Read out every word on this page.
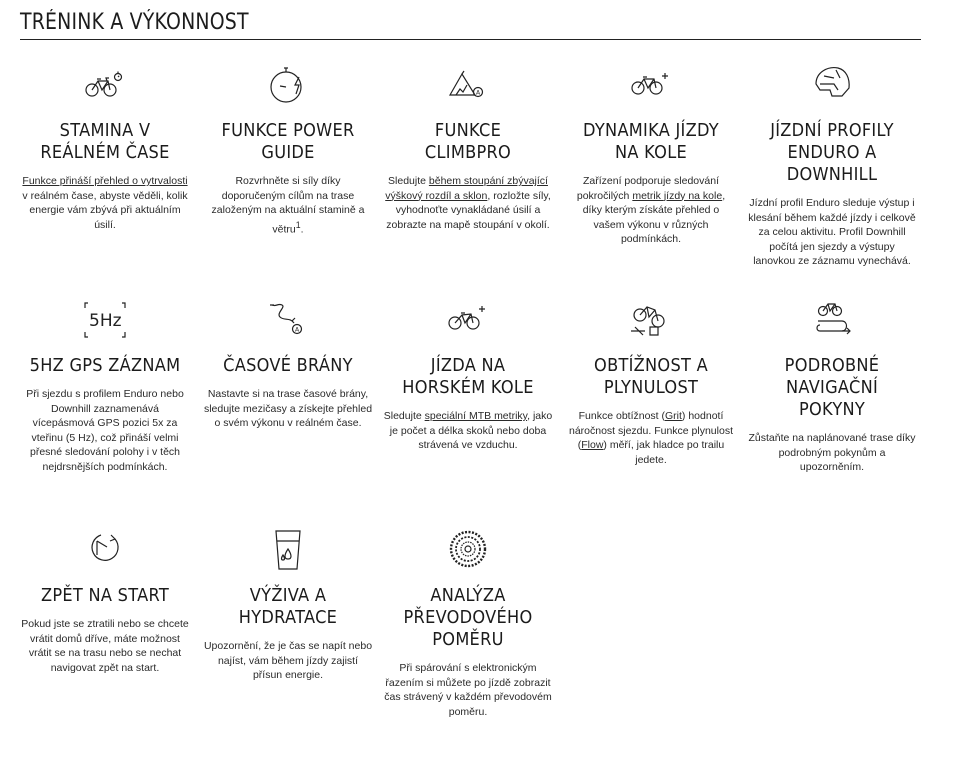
TRÉNINK A VÝKONNOST
STAMINA V REÁLNÉM ČASE
Funkce přináší přehled o vytrvalosti v reálném čase, abyste věděli, kolik energie vám zbývá při aktuálním úsilí.
FUNKCE POWER GUIDE
Rozvrhněte si síly díky doporučeným cílům na trase založeným na aktuální stamině a větru$^1$.
A
FUNKCE CLIMBPRO
Sledujte během stoupání zbývající výškový rozdíl a sklon, rozložte síly, vyhodnoťte vynakládané úsilí a zobrazte na mapě stoupání v okolí.
DYNAMIKA JÍZDY NA KOLE
Zařízení podporuje sledování pokročilých metrik jízdy na kole, díky kterým získáte přehled o vašem výkonu v různých podmínkách.
JÍZDNÍ PROFILY ENDURO A DOWNHILL
Jízdní profil Enduro sleduje výstup i klesání během každé jízdy i celkově za celou aktivitu. Profil Downhill počítá jen sjezdy a výstupy lanovkou ze záznamu vynechává.
5Hz
5HZ GPS ZÁZNAM
Při sjezdu s profilem Enduro nebo Downhill zaznamenává vícepásmová GPS pozici 5x za vteřinu (5 Hz), což přináší velmi přesné sledování polohy i v těch nejdrsnějších podmínkách.
A
ČASOVÉ BRÁNY
Nastavte si na trase časové brány, sledujte mezičasy a získejte přehled o svém výkonu v reálném čase.
JÍZDA NA HORSKÉM KOLE
Sledujte speciální MTB metriky, jako je počet a délka skoků nebo doba strávená ve vzduchu.
OBTÍŽNOST A PLYNULOST
Funkce obtížnost (Grit) hodnotí náročnost sjezdu. Funkce plynulost (Flow) měří, jak hladce po trailu jedete.
PODROBNÉ NAVIGAČNÍ POKYNY
Zůstaňte na naplánované trase díky podrobným pokynům a upozorněním.
ZPĚT NA START
Pokud jste se ztratili nebo se chcete vrátit domů dříve, máte možnost vrátit se na trasu nebo se nechat navigovat zpět na start.
VÝŽIVA A HYDRATACE
Upozornění, že je čas se napít nebo najíst, vám během jízdy zajistí přísun energie.
ANALÝZA PŘEVODOVÉHO POMĚRU
Při spárování s elektronickým řazením si můžete po jízdě zobrazit čas strávený v každém převodovém poměru.
